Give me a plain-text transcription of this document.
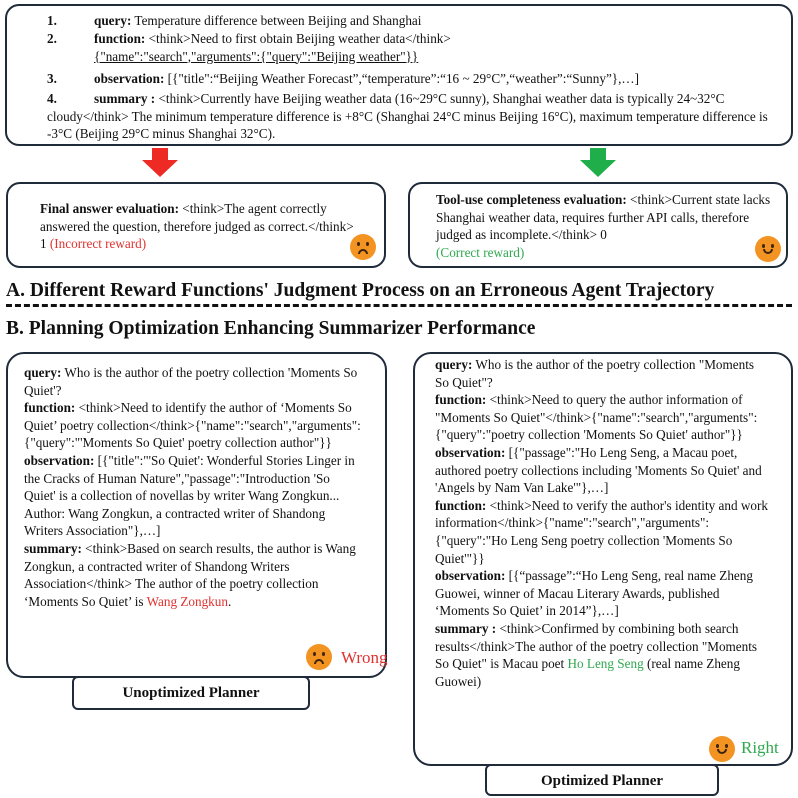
1.	query: Temperature difference between Beijing and Shanghai
2.	function: <think>Need to first obtain Beijing weather data</think>
{"name":"search","arguments":{"query":"Beijing weather"}}
3.	observation: [{"title":“Beijing Weather Forecast”,“temperature”:“16 ~ 29°C”,“weather”:“Sunny”},…]
4.	summary : <think>Currently have Beijing weather data (16~29°C sunny), Shanghai weather data is typically 24~32°C cloudy</think> The minimum temperature difference is +8°C (Shanghai 24°C minus Beijing 16°C), maximum temperature difference is -3°C (Beijing 29°C minus Shanghai 32°C).
Final answer evaluation: <think>The agent correctly answered the question, therefore judged as correct.</think> 1 (Incorrect reward)
Tool-use completeness evaluation: <think>Current state lacks Shanghai weather data, requires further API calls, therefore judged as incomplete.</think> 0
(Correct reward)
A. Different Reward Functions' Judgment Process on an Erroneous Agent Trajectory
B. Planning Optimization Enhancing Summarizer Performance
query: Who is the author of the poetry collection 'Moments So Quiet'?
function: <think>Need to identify the author of ‘Moments So Quiet’ poetry collection</think>{"name":"search","arguments":{"query":"'Moments So Quiet' poetry collection author"}}
observation: [{"title":"'So Quiet': Wonderful Stories Linger in the Cracks of Human Nature","passage":"Introduction 'So Quiet' is a collection of novellas by writer Wang Zongkun... Author: Wang Zongkun, a contracted writer of Shandong Writers Association"},…]
summary: <think>Based on search results, the author is Wang Zongkun, a contracted writer of Shandong Writers Association</think> The author of the poetry collection ‘Moments So Quiet’ is Wang Zongkun.
Wrong
Unoptimized Planner
query: Who is the author of the poetry collection "Moments So Quiet"?
function: <think>Need to query the author information of "Moments So Quiet"</think>{"name":"search","arguments":{"query":"poetry collection 'Moments So Quiet' author"}}
observation: [{"passage":"Ho Leng Seng, a Macau poet, authored poetry collections including 'Moments So Quiet' and 'Angels by Nam Van Lake'"},…]
function: <think>Need to verify the author's identity and work information</think>{"name":"search","arguments":{"query":"Ho Leng Seng poetry collection 'Moments So Quiet'"}}
observation: [{“passage”:“Ho Leng Seng, real name Zheng Guowei, winner of Macau Literary Awards, published ‘Moments So Quiet’ in 2014”},…]
summary : <think>Confirmed by combining both search results</think>The author of the poetry collection "Moments So Quiet" is Macau poet Ho Leng Seng (real name Zheng Guowei)
Right
Optimized Planner
